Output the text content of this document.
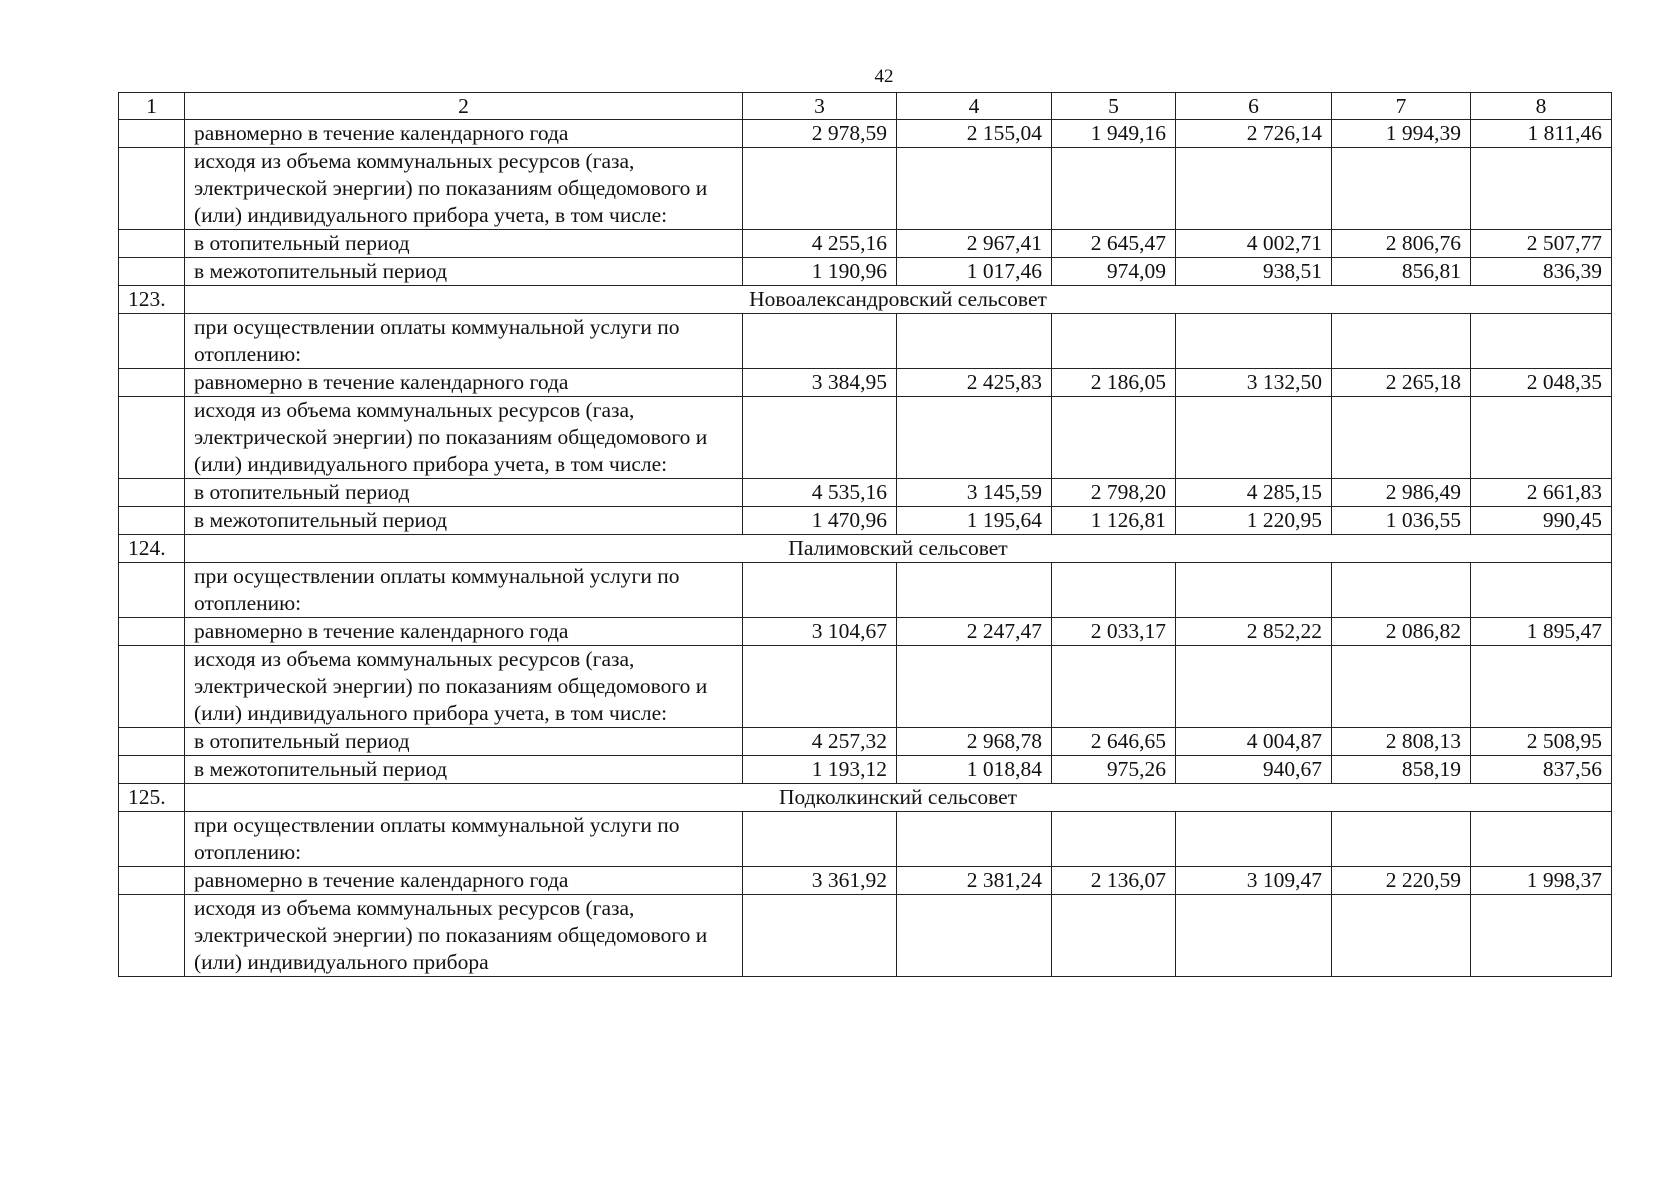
42
1	2	3	4	5	6	7	8
	равномерно в течение календарного года	2 978,59	2 155,04	1 949,16	2 726,14	1 994,39	1 811,46
	исходя из объема коммунальных ресурсов (газа, электрической энергии) по показаниям общедомового и (или) индивидуального прибора учета, в том числе:						
	в отопительный период	4 255,16	2 967,41	2 645,47	4 002,71	2 806,76	2 507,77
	в межотопительный период	1 190,96	1 017,46	974,09	938,51	856,81	836,39
123.	Новоалександровский сельсовет						
	при осуществлении оплаты коммунальной услуги по отоплению:						
	равномерно в течение календарного года	3 384,95	2 425,83	2 186,05	3 132,50	2 265,18	2 048,35
	исходя из объема коммунальных ресурсов (газа, электрической энергии) по показаниям общедомового и (или) индивидуального прибора учета, в том числе:						
	в отопительный период	4 535,16	3 145,59	2 798,20	4 285,15	2 986,49	2 661,83
	в межотопительный период	1 470,96	1 195,64	1 126,81	1 220,95	1 036,55	990,45
124.	Палимовский сельсовет						
	при осуществлении оплаты коммунальной услуги по отоплению:						
	равномерно в течение календарного года	3 104,67	2 247,47	2 033,17	2 852,22	2 086,82	1 895,47
	исходя из объема коммунальных ресурсов (газа, электрической энергии) по показаниям общедомового и (или) индивидуального прибора учета, в том числе:						
	в отопительный период	4 257,32	2 968,78	2 646,65	4 004,87	2 808,13	2 508,95
	в межотопительный период	1 193,12	1 018,84	975,26	940,67	858,19	837,56
125.	Подколкинский сельсовет						
	при осуществлении оплаты коммунальной услуги по отоплению:						
	равномерно в течение календарного года	3 361,92	2 381,24	2 136,07	3 109,47	2 220,59	1 998,37
	исходя из объема коммунальных ресурсов (газа, электрической энергии) по показаниям общедомового и (или) индивидуального прибора						
